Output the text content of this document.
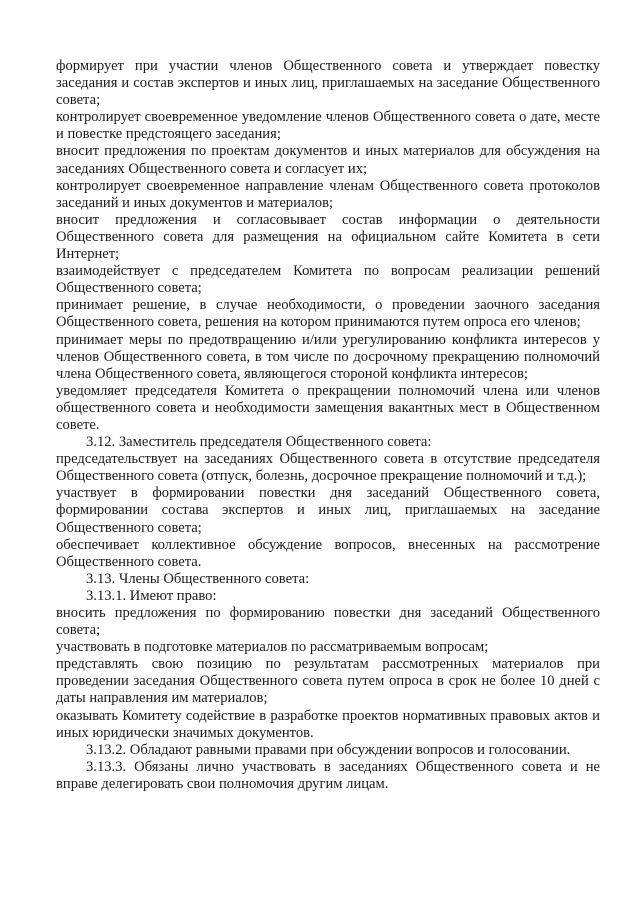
формирует при участии членов Общественного совета и утверждает повестку заседания и состав экспертов и иных лиц, приглашаемых на заседание Общественного совета;

контролирует своевременное уведомление членов Общественного совета о дате, месте и повестке предстоящего заседания;

вносит предложения по проектам документов и иных материалов для обсуждения на заседаниях Общественного совета и согласует их;

контролирует своевременное направление членам Общественного совета протоколов заседаний и иных документов и материалов;

вносит предложения и согласовывает состав информации о деятельности Общественного совета для размещения на официальном сайте Комитета в сети Интернет;

взаимодействует с председателем Комитета по вопросам реализации решений Общественного совета;

принимает решение, в случае необходимости, о проведении заочного заседания Общественного совета, решения на котором принимаются путем опроса его членов;

принимает меры по предотвращению и/или урегулированию конфликта интересов у членов Общественного совета, в том числе по досрочному прекращению полномочий члена Общественного совета, являющегося стороной конфликта интересов;

уведомляет председателя Комитета о прекращении полномочий члена или членов общественного совета и необходимости замещения вакантных мест в Общественном совете.

3.12. Заместитель председателя Общественного совета:

председательствует на заседаниях Общественного совета в отсутствие председателя Общественного совета (отпуск, болезнь, досрочное прекращение полномочий и т.д.);

участвует в формировании повестки дня заседаний Общественного совета, формировании состава экспертов и иных лиц, приглашаемых на заседание Общественного совета;

обеспечивает коллективное обсуждение вопросов, внесенных на рассмотрение Общественного совета.

3.13. Члены Общественного совета:

3.13.1. Имеют право:

вносить предложения по формированию повестки дня заседаний Общественного совета;

участвовать в подготовке материалов по рассматриваемым вопросам;

представлять свою позицию по результатам рассмотренных материалов при проведении заседания Общественного совета путем опроса в срок не более 10 дней с даты направления им материалов;

оказывать Комитету содействие в разработке проектов нормативных правовых актов и иных юридически значимых документов.

3.13.2. Обладают равными правами при обсуждении вопросов и голосовании.

3.13.3. Обязаны лично участвовать в заседаниях Общественного совета и не вправе делегировать свои полномочия другим лицам.
